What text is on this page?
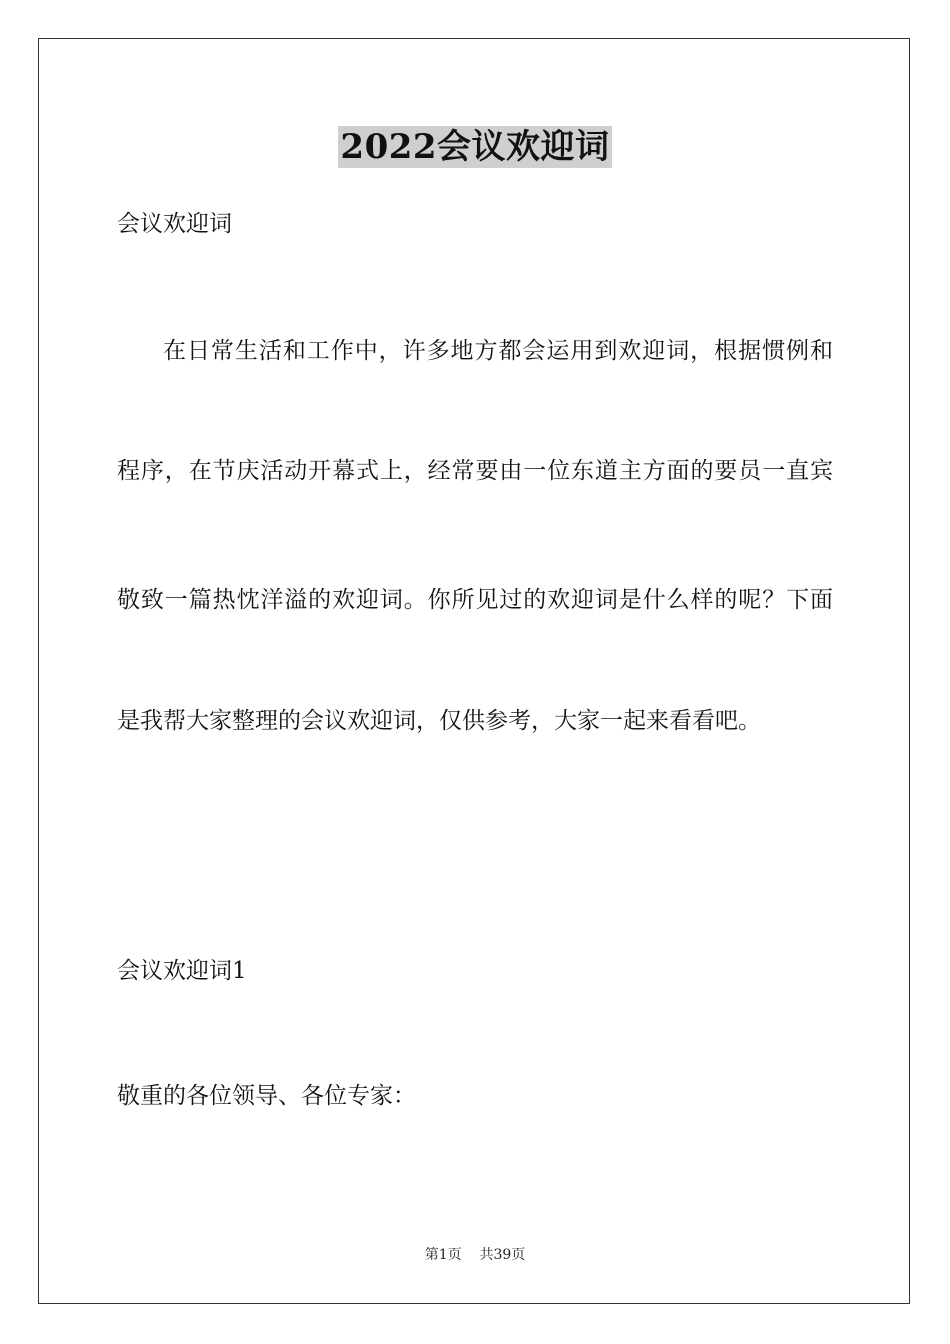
2022会议欢迎词
会议欢迎词
在日常生活和工作中，许多地方都会运用到欢迎词，根据惯例和
程序，在节庆活动开幕式上，经常要由一位东道主方面的要员一直宾
敬致一篇热忱洋溢的欢迎词。你所见过的欢迎词是什么样的呢？下面
是我帮大家整理的会议欢迎词，仅供参考，大家一起来看看吧。
会议欢迎词1
敬重的各位领导、各位专家：
第1页 共39页
